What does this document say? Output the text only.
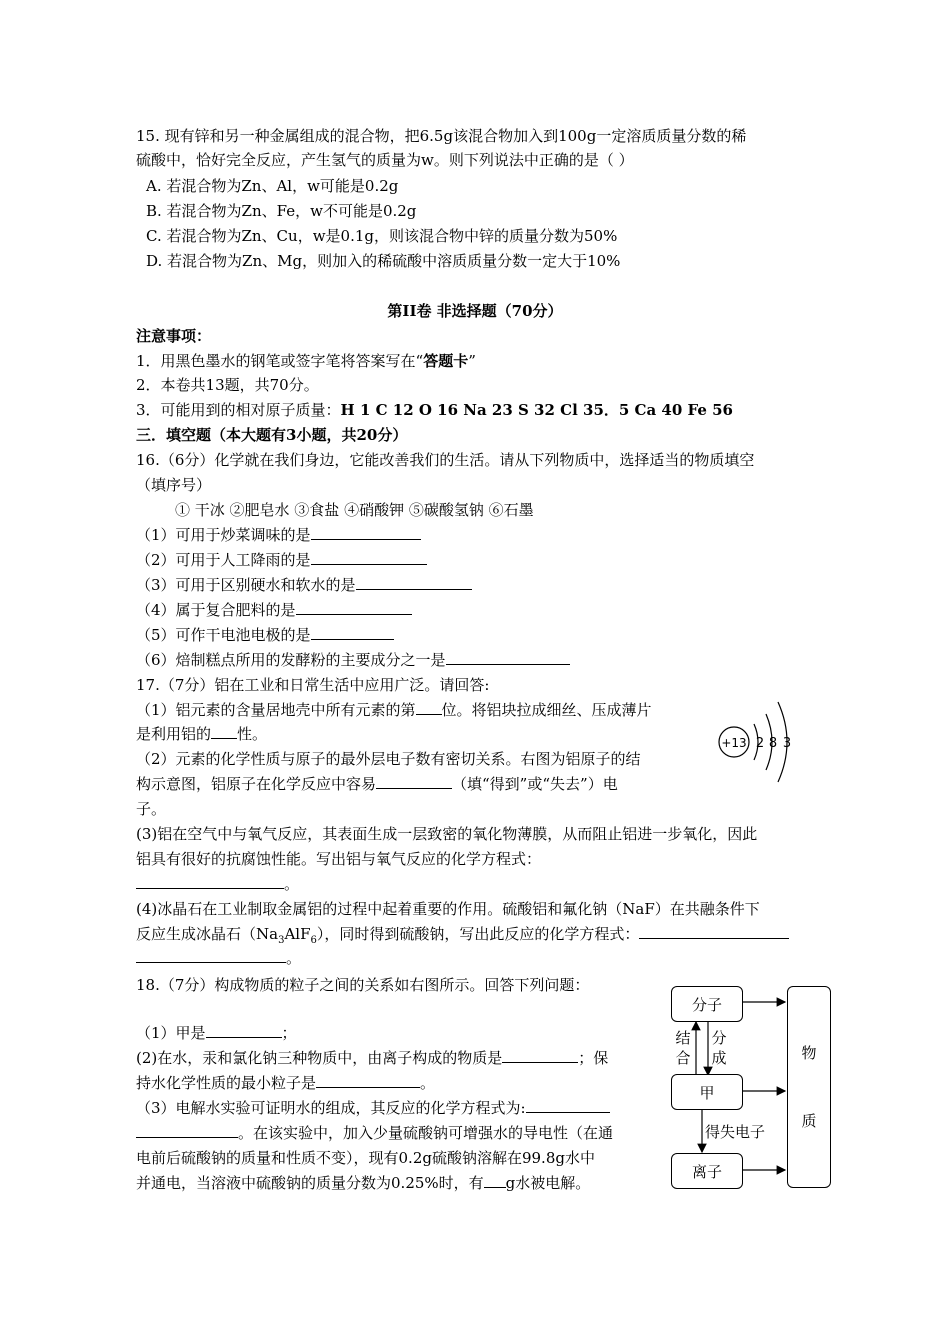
15. 现有锌和另一种金属组成的混合物，把6.5g该混合物加入到100g一定溶质质量分数的稀
硫酸中，恰好完全反应，产生氢气的质量为w。则下列说法中正确的是（ ）
A. 若混合物为Zn、Al，w可能是0.2g
B. 若混合物为Zn、Fe，w不可能是0.2g
C. 若混合物为Zn、Cu，w是0.1g，则该混合物中锌的质量分数为50%
D. 若混合物为Zn、Mg，则加入的稀硫酸中溶质质量分数一定大于10%
第II卷 非选择题（70分）
注意事项：
1．用黑色墨水的钢笔或签字笔将答案写在“答题卡”
2．本卷共13题，共70分。
3．可能用到的相对原子质量：H 1 C 12 O 16 Na 23 S 32 Cl 35．5 Ca 40 Fe 56
三．填空题（本大题有3小题，共20分）
16.（6分）化学就在我们身边，它能改善我们的生活。请从下列物质中，选择适当的物质填空
（填序号）
① 干冰 ②肥皂水 ③食盐 ④硝酸钾 ⑤碳酸氢钠 ⑥石墨
（1）可用于炒菜调味的是
（2）可用于人工降雨的是
（3）可用于区别硬水和软水的是
（4）属于复合肥料的是
（5）可作干电池电极的是
（6）焙制糕点所用的发酵粉的主要成分之一是
17.（7分）铝在工业和日常生活中应用广泛。请回答:
（1）铝元素的含量居地壳中所有元素的第 位。将铝块拉成细丝、压成薄片
是利用铝的 性。
（2）元素的化学性质与原子的最外层电子数有密切关系。右图为铝原子的结
构示意图，铝原子在化学反应中容易	（填“得到”或“失去”）电
子。
(3)铝在空气中与氧气反应，其表面生成一层致密的氧化物薄膜，从而阻止铝进一步氧化，因此
铝具有很好的抗腐蚀性能。写出铝与氧气反应的化学方程式：
。
(4)冰晶石在工业制取金属铝的过程中起着重要的作用。硫酸铝和氟化钠（NaF）在共融条件下
反应生成冰晶石$(Na_3AlF_6)$，同时得到硫酸钠，写出此反应的化学方程式：
。
+13 2 8 3
18.（7分）构成物质的粒子之间的关系如右图所示。回答下列问题：
（1）甲是	；
(2)在水，汞和氯化钠三种物质中，由离子构成的物质是	；保
持水化学性质的最小粒子是	。
（3）电解水实验可证明水的组成，其反应的化学方程式为:
。在该实验中，加入少量硫酸钠可增强水的导电性（在通
电前后硫酸钠的质量和性质不变），现有0.2g硫酸钠溶解在99.8g水中
并通电，当溶液中硫酸钠的质量分数为0.25%时，有 g水被电解。
分子
甲
离子
物质
结合
分成
得失电子
